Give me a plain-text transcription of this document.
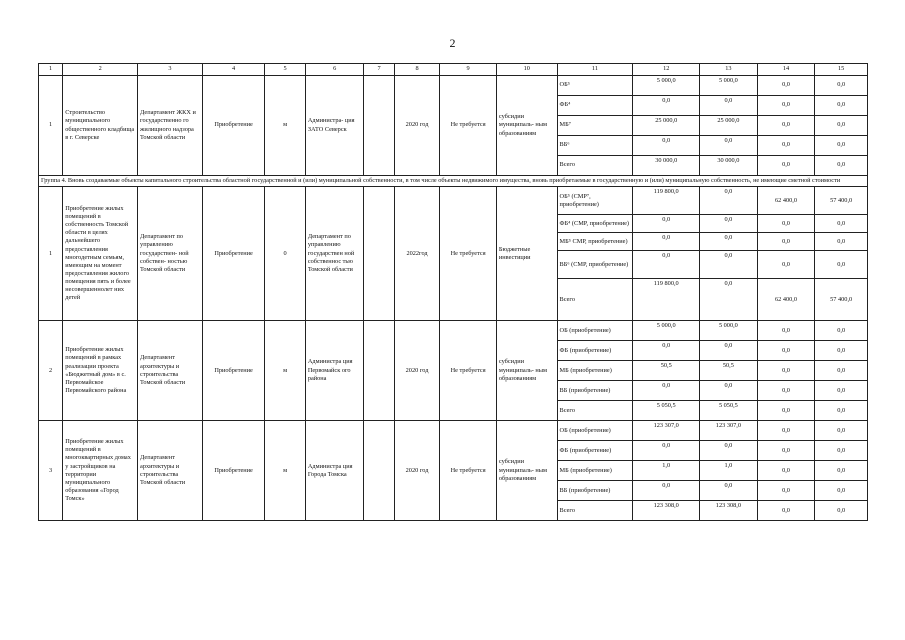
2
1	2	3	4	5	6	7	8	9	10	11	12	13	14	15
1	Строительство муниципального общественного кладбища в г. Северске	Департамент ЖКХ и государственно го жилищного надзора Томской области	Приобретение	м	Администра- ция ЗАТО Северск		2020 год	Не требуется	субсидии муниципаль- ным образованиям	ОБ⁵	5 000,0	5 000,0	0,0	0,0
										ФБ⁴	0,0	0,0	0,0	0,0
										МБ⁷	25 000,0	25 000,0	0,0	0,0
										ВБ⁶	0,0	0,0	0,0	0,0
										Всего	30 000,0	30 000,0	0,0	0,0
Группа 4. Вновь создаваемые объекты капитального строительства областной государственной и (или) муниципальной собственности, в том числе объекты недвижимого имущества, вновь приобретаемые в государственную и (или) муниципальную собственность, не имеющие сметной стоимости														
1	Приобретение жилых помещений в собственность Томской области в целях дальнейшего предоставления многодетным семьям, имеющим на момент предоставления жилого помещения пять и более несовершеннолет них детей	Департамент по управлению государствен- ной собствен- ностью Томской области	Приобретение	0	Департамент по управлению государствен ной собственнос тью Томской области		2022год	Не требуется	Бюджетные инвестиции	ОБ⁵ (СМР⁷, приобретение)	119 800,0	0,0	62 400,0	57 400,0
										ФБ⁴ (СМР, приобретение)	0,0	0,0	0,0	0,0
										МБ⁵ СМР, приобретение)	0,0	0,0	0,0	0,0
										ВБ⁶ (СМР, приобретение)	0,0	0,0	0,0	0,0
										Всего	119 800,0	0,0	62 400,0	57 400,0
2	Приобретение жилых помещений в рамках реализации проекта «Бюджетный дом» в с. Первомайское Первомайского района	Департамент архитектуры и строительства Томской области	Приобретение	м	Администра ция Первомайск ого района		2020 год	Не требуется	субсидии муниципаль- ным образованиям	ОБ (приобретение)	5 000,0	5 000,0	0,0	0,0
										ФБ (приобретение)	0,0	0,0	0,0	0,0
										МБ (приобретение)	50,5	50,5	0,0	0,0
										ВБ (приобретение)	0,0	0,0	0,0	0,0
										Всего	5 050,5	5 050,5	0,0	0,0
3	Приобретение жилых помещений в многоквартирных домах у застройщиков на территории муниципального образования «Город Томск»	Департамент архитектуры и строительства Томской области	Приобретение	м	Администра ция Города Томска		2020 год	Не требуется	субсидии муниципаль- ным образованиям	ОБ (приобретение)	123 307,0	123 307,0	0,0	0,0
										ФБ (приобретение)	0,0	0,0	0,0	0,0
										МБ (приобретение)	1,0	1,0	0,0	0,0
										ВБ (приобретение)	0,0	0,0	0,0	0,0
										Всего	123 308,0	123 308,0	0,0	0,0
